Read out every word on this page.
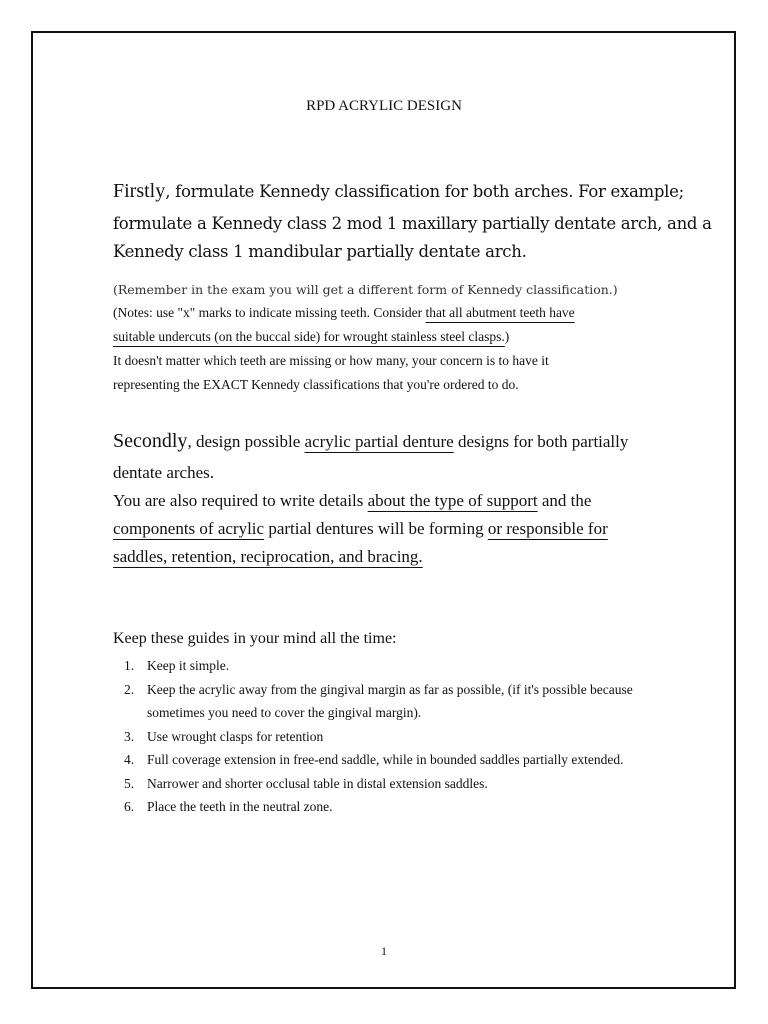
RPD ACRYLIC DESIGN
Firstly, formulate Kennedy classification for both arches. For example;
formulate a Kennedy class 2 mod 1 maxillary partially dentate arch, and a
Kennedy class 1 mandibular partially dentate arch.
(Remember in the exam you will get a different form of Kennedy classification.)
(Notes: use "x" marks to indicate missing teeth. Consider that all abutment teeth have
suitable undercuts (on the buccal side) for wrought stainless steel clasps.)
It doesn't matter which teeth are missing or how many, your concern is to have it
representing the EXACT Kennedy classifications that you're ordered to do.
Secondly, design possible acrylic partial denture designs for both partially
dentate arches.
You are also required to write details about the type of support and the
components of acrylic partial dentures will be forming or responsible for
saddles, retention, reciprocation, and bracing.
Keep these guides in your mind all the time:
1. Keep it simple.
2. Keep the acrylic away from the gingival margin as far as possible, (if it's possible because sometimes you need to cover the gingival margin).
3. Use wrought clasps for retention
4. Full coverage extension in free-end saddle, while in bounded saddles partially extended.
5. Narrower and shorter occlusal table in distal extension saddles.
6. Place the teeth in the neutral zone.
1
